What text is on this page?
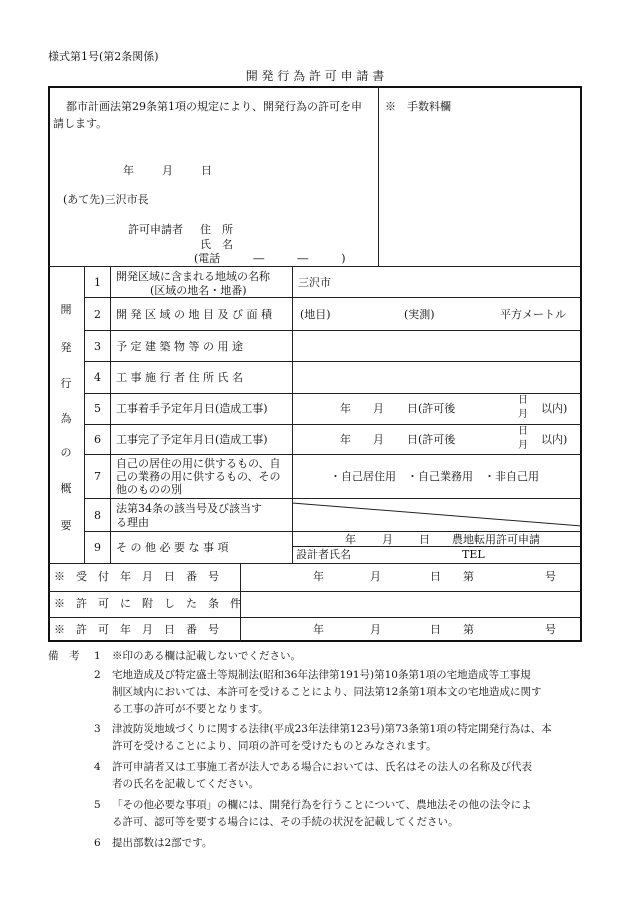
様式第1号(第2条関係)
開 発 行 為 許 可 申 請 書
都市計画法第29条第1項の規定により、開発行為の許可を申
請します。
※　手数料欄
年	月	日
(あて先)三沢市長
許可申請者 住　所
氏　名
(電話　　　―　　　―　　　)
開
発
行
為
の
概
要
1 開発区域に含まれる地域の名称
(区域の地名・地番)
三沢市
2 開 発 区 域 の 地 目 及 び 面 積	(地目)	(実測)	平方メートル
3 予 定 建 築 物 等 の 用 途
4 工 事 施 行 者 住 所 氏 名
5 工事着手予定年月日(造成工事)	年 月 日(許可後
日
月 以内)
6 工事完了予定年月日(造成工事)	年 月 日(許可後
日
月 以内)
7
自己の居住の用に供するもの、自
己の業務の用に供するもの、その
他のものの別
・自己居住用　・自己業務用　・非自己用
8
法第34条の該当号及び該当す
る理由
9 そ の 他 必 要 な 事 項
年 月 日 農地転用許可申請
設計者氏名	TEL
※　受　付　年　月　日　番　号	年	月	日 第	号
※　許　可　に　附　し　た　条　件
※　許　可　年　月　日　番　号	年	月	日 第	号
備　考 1 ※印のある欄は記載しないでください。
2 宅地造成及び特定盛土等規制法(昭和36年法律第191号)第10条第1項の宅地造成等工事規
制区域内においては、本許可を受けることにより、同法第12条第1項本文の宅地造成に関す
る工事の許可が不要となります。
3 津波防災地域づくりに関する法律(平成23年法律第123号)第73条第1項の特定開発行為は、本
許可を受けることにより、同項の許可を受けたものとみなされます。
4 許可申請者又は工事施工者が法人である場合においては、氏名はその法人の名称及び代表
者の氏名を記載してください。
5 「その他必要な事項」の欄には、開発行為を行うことについて、農地法その他の法令によ
る許可、認可等を要する場合には、その手続の状況を記載してください。
6 提出部数は2部です。
